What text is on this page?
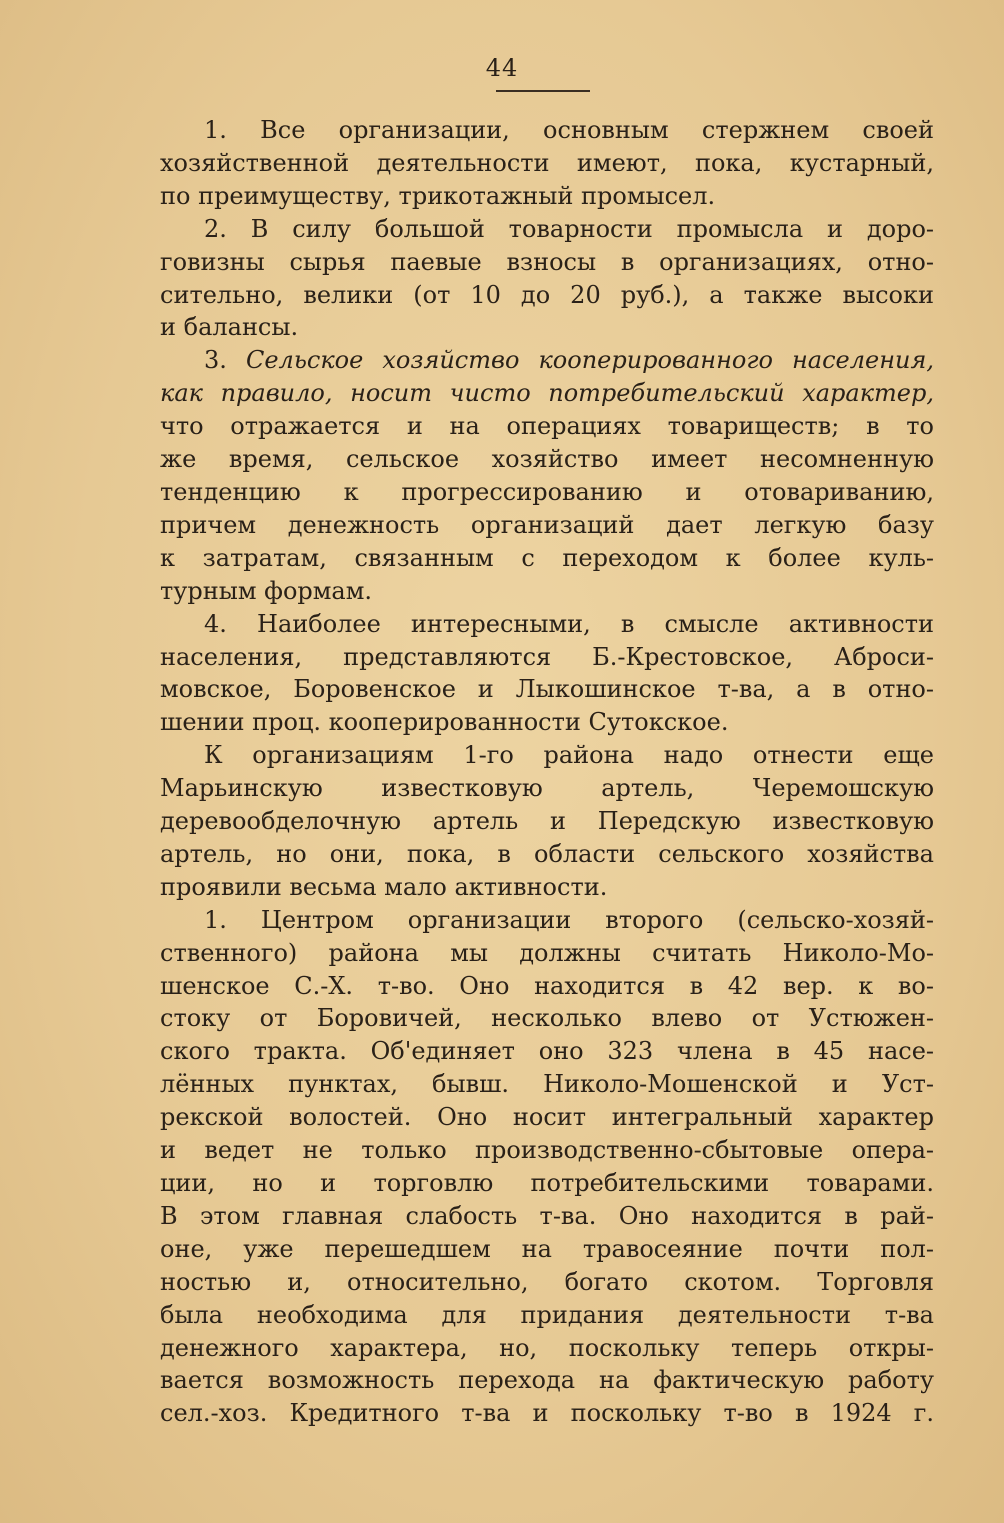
44
1. Все организации, основным стержнем своей
хозяйственной деятельности имеют, пока, кустарный,
по преимуществу, трикотажный промысел.
2. В силу большой товарности промысла и доро-
говизны сырья паевые взносы в организациях, отно-
сительно, велики (от 10 до 20 руб.), а также высоки
и балансы.
3. Сельское хозяйство кооперированного населения,
как правило, носит чисто потребительский характер,
что отражается и на операциях товариществ; в то
же время, сельское хозяйство имеет несомненную
тенденцию к прогрессированию и отовариванию,
причем денежность организаций дает легкую базу
к затратам, связанным с переходом к более куль-
турным формам.
4. Наиболее интересными, в смысле активности
населения, представляются Б.-Крестовское, Аброси-
мовское, Боровенское и Лыкошинское т-ва, а в отно-
шении проц. кооперированности Сутокское.
К организациям 1-го района надо отнести еще
Марьинскую известковую артель, Черемошскую
деревообделочную артель и Передскую известковую
артель, но они, пока, в области сельского хозяйства
проявили весьма мало активности.
1. Центром организации второго (сельско-хозяй-
ственного) района мы должны считать Николо-Мо-
шенское С.-Х. т-во. Оно находится в 42 вер. к во-
стоку от Боровичей, несколько влево от Устюжен-
ского тракта. Об'единяет оно 323 члена в 45 насе-
лённых пунктах, бывш. Николо-Мошенской и Уст-
рекской волостей. Оно носит интегральный характер
и ведет не только производственно-сбытовые опера-
ции, но и торговлю потребительскими товарами.
В этом главная слабость т-ва. Оно находится в рай-
оне, уже перешедшем на травосеяние почти пол-
ностью и, относительно, богато скотом. Торговля
была необходима для придания деятельности т-ва
денежного характера, но, поскольку теперь откры-
вается возможность перехода на фактическую работу
сел.-хоз. Кредитного т-ва и поскольку т-во в 1924 г.
